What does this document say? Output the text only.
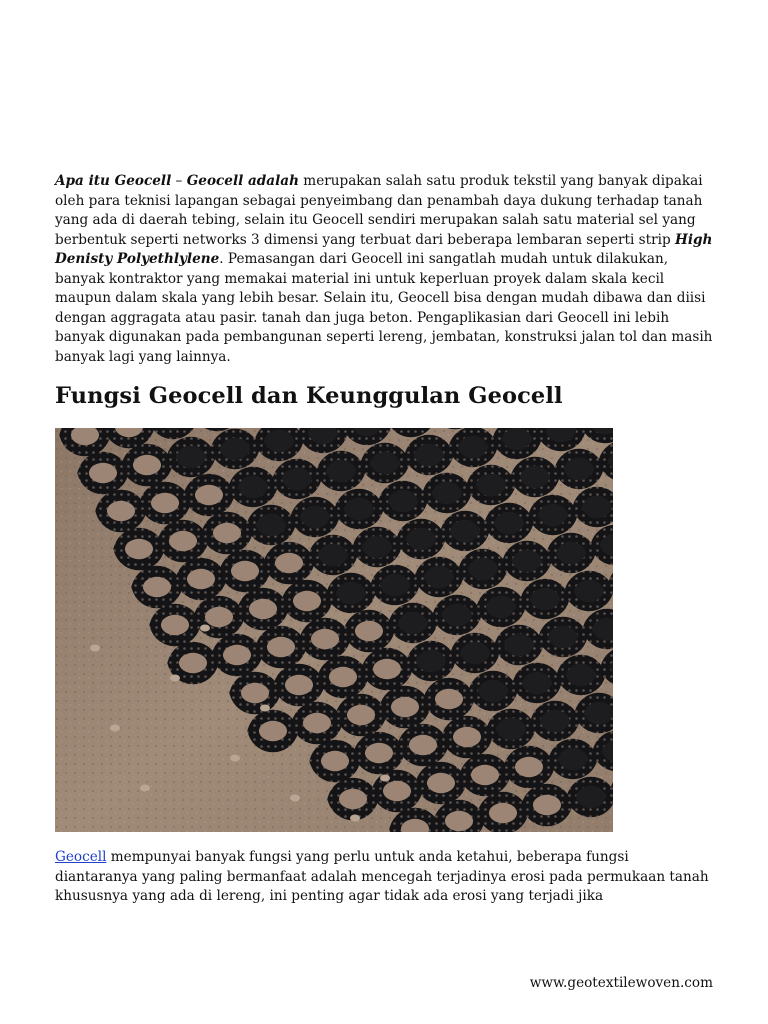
Apa itu Geocell – Geocell adalah merupakan salah satu produk tekstil yang banyak dipakai oleh para teknisi lapangan sebagai penyeimbang dan penambah daya dukung terhadap tanah yang ada di daerah tebing, selain itu Geocell sendiri merupakan salah satu material sel yang berbentuk seperti networks 3 dimensi yang terbuat dari beberapa lembaran seperti strip High Denisty Polyethlylene. Pemasangan dari Geocell ini sangatlah mudah untuk dilakukan, banyak kontraktor yang memakai material ini untuk keperluan proyek dalam skala kecil maupun dalam skala yang lebih besar. Selain itu, Geocell bisa dengan mudah dibawa dan diisi dengan aggragata atau pasir. tanah dan juga beton. Pengaplikasian dari Geocell ini lebih banyak digunakan pada pembangunan seperti lereng, jembatan, konstruksi jalan tol dan masih banyak lagi yang lainnya.

Fungsi Geocell dan Keunggulan Geocell

Geocell mempunyai banyak fungsi yang perlu untuk anda ketahui, beberapa fungsi diantaranya yang paling bermanfaat adalah mencegah terjadinya erosi pada permukaan tanah khususnya yang ada di lereng, ini penting agar tidak ada erosi yang terjadi jika

www.geotextilewoven.com
